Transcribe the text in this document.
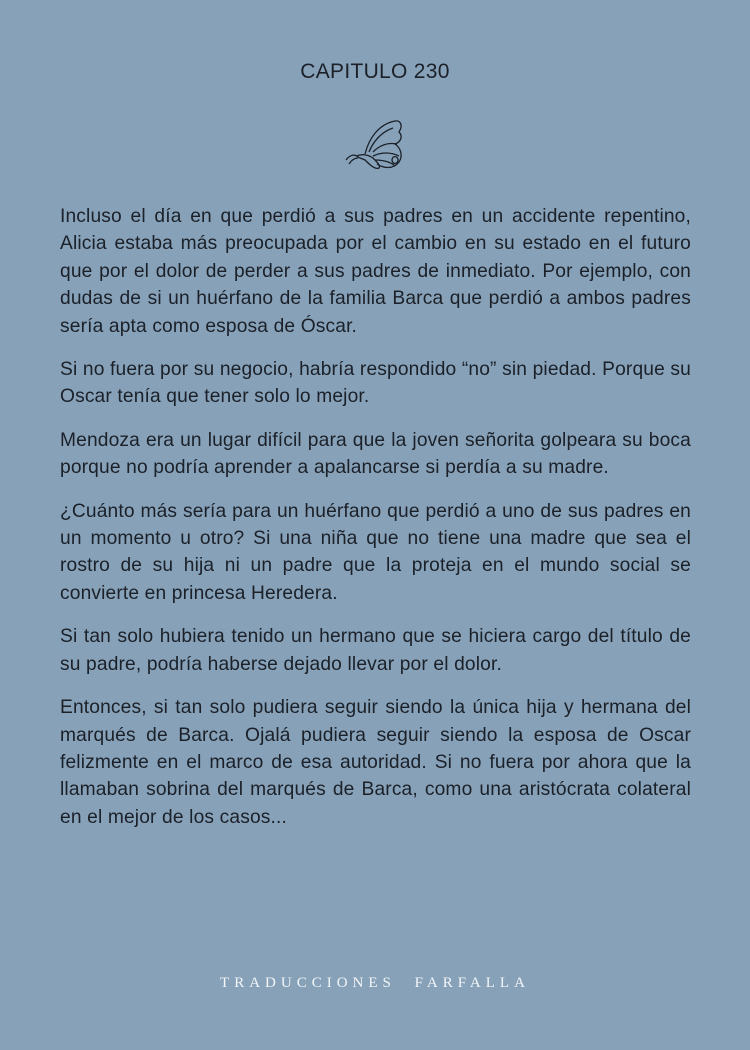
CAPITULO 230

Incluso el día en que perdió a sus padres en un accidente repentino, Alicia estaba más preocupada por el cambio en su estado en el futuro que por el dolor de perder a sus padres de inmediato. Por ejemplo, con dudas de si un huérfano de la familia Barca que perdió a ambos padres sería apta como esposa de Óscar.

Si no fuera por su negocio, habría respondido “no” sin piedad. Porque su Oscar tenía que tener solo lo mejor.

Mendoza era un lugar difícil para que la joven señorita golpeara su boca porque no podría aprender a apalancarse si perdía a su madre.

¿Cuánto más sería para un huérfano que perdió a uno de sus padres en un momento u otro? Si una niña que no tiene una madre que sea el rostro de su hija ni un padre que la proteja en el mundo social se convierte en princesa Heredera.

Si tan solo hubiera tenido un hermano que se hiciera cargo del título de su padre, podría haberse dejado llevar por el dolor.

Entonces, si tan solo pudiera seguir siendo la única hija y hermana del marqués de Barca. Ojalá pudiera seguir siendo la esposa de Oscar felizmente en el marco de esa autoridad. Si no fuera por ahora que la llamaban sobrina del marqués de Barca, como una aristócrata colateral en el mejor de los casos...

TRADUCCIONES FARFALLA
